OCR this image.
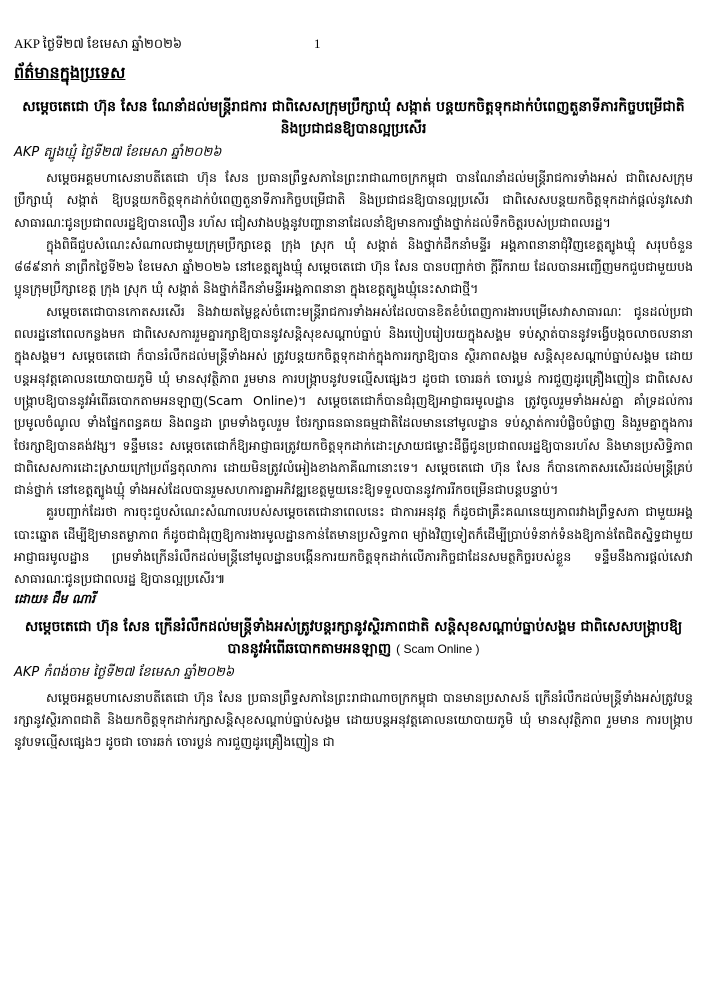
AKP ថ្ងៃទី២៧ ខែមេសា ឆ្នាំ២០២៦	1
ព័ត៌មានក្នុងប្រទេស
សម្តេចតេជោ ហ៊ុន សែន ណែនាំដល់មន្ត្រីរាជការ ជាពិសេសក្រុមប្រឹក្សាឃុំ សង្កាត់ បន្តយកចិត្តទុកដាក់បំពេញតួនាទីភារកិច្ចបម្រើជាតិ និងប្រជាជនឱ្យបានល្អប្រសើរ
AKP ត្បូងឃ្មុំ ថ្ងៃទី២៧ ខែមេសា ឆ្នាំ២០២៦

សម្តេចអគ្គមហាសេនាបតីតេជោ ហ៊ុន សែន ប្រធានព្រឹទ្ធសភានៃព្រះរាជាណាចក្រកម្ពុជា បានណែនាំដល់មន្ត្រីរាជការទាំងអស់ ជាពិសេសក្រុមប្រឹក្សាឃុំ សង្កាត់ ឱ្យបន្តយកចិត្តទុកដាក់បំពេញតួនាទីភារកិច្ចបម្រើជាតិ និងប្រជាជនឱ្យបានល្អប្រសើរ ជាពិសេសបន្តយកចិត្តទុកដាក់ផ្តល់នូវសេវាសាធារណៈជូនប្រជាពលរដ្ឋឱ្យបានលឿន រហ័ស ជៀសវាងបង្កនូវបញ្ហានានាដែលនាំឱ្យមានការថ្នាំងថ្នាក់ដល់ទឹកចិត្តរបស់ប្រជាពលរដ្ឋ។

ក្នុងពិធីជួបសំណេះសំណាលជាមួយក្រុមប្រឹក្សាខេត្ត ក្រុង ស្រុក ឃុំ សង្កាត់ និងថ្នាក់ដឹកនាំមន្ទីរ អង្គភាពនានាជុំវិញខេត្តត្បូងឃ្មុំ សរុបចំនួន ៨៨៩នាក់ នាព្រឹកថ្ងៃទី២៦ ខែមេសា ឆ្នាំ២០២៦ នៅខេត្តត្បូងឃ្មុំ សម្តេចតេជោ ហ៊ុន សែន បានបញ្ជាក់ថា ក្តីរីករាយ ដែលបានអញ្ជើញមកជួបជាមួយបងប្អូនក្រុមប្រឹក្សាខេត្ត ក្រុង ស្រុក ឃុំ សង្កាត់ និងថ្នាក់ដឹកនាំមន្ទីរអង្គភាពនានា ក្នុងខេត្តត្បូងឃ្មុំនេះសាជាថ្មី។

សម្តេចតេជោបានកោតសរសើរ និងវាយតម្លៃខ្ពស់ចំពោះមន្ត្រីរាជការទាំងអស់ដែលបានខិតខំបំពេញការងារបម្រើសេវាសាធារណៈ ជូនដល់ប្រជាពលរដ្ឋនៅពេលកន្លងមក ជាពិសេសការរួមគ្នារក្សាឱ្យបាននូវសន្តិសុខសណ្តាប់ធ្នាប់ និងរបៀបរៀបរយក្នុងសង្គម ទប់ស្កាត់បាននូវទង្វើបង្កចលាចលនានាក្នុងសង្គម។ សម្តេចតេជោ ក៏បានរំលឹកដល់មន្ត្រីទាំងអស់ ត្រូវបន្តយកចិត្តទុកដាក់ក្នុងការរក្សាឱ្យបាន ស្ថិរភាពសង្គម សន្តិសុខសណ្តាប់ធ្នាប់សង្គម ដោយបន្តអនុវត្តគោលនយោបាយភូមិ ឃុំ មានសុវត្ថិភាព រួមមាន ការបង្ក្រាបនូវបទល្មើសផ្សេងៗ ដូចជា ចោរឆក់ ចោរប្លន់ ការជួញដូរគ្រឿងញៀន ជាពិសេសបង្ក្រាបឱ្យបាននូវអំពើឆបោកតាមអនឡាញ(Scam Online)។ សម្តេចតេជោក៏បានជំរុញឱ្យអាជ្ញាធរមូលដ្ឋាន ត្រូវចូលរួមទាំងអស់គ្នា គាំទ្រដល់ការប្រមូលចំណូល ទាំងផ្នែកពន្ធគយ និងពន្ធដា ព្រមទាំងចូលរួម ថែរក្សាធនធានធម្មជាតិដែលមាននៅមូលដ្ឋាន ទប់ស្កាត់ការបំផ្លិចបំផ្លាញ និងរួមគ្នាក្នុងការថែរក្សាឱ្យបានគង់វង្ស។ ទន្ទឹមនេះ សម្តេចតេជោក៏ឱ្យអាជ្ញាធរត្រូវយកចិត្តទុកដាក់ដោះស្រាយជម្លោះដីធ្លីជូនប្រជាពលរដ្ឋឱ្យបានរហ័ស និងមានប្រសិទ្ធិភាព ជាពិសេសការដោះស្រាយក្រៅប្រព័ន្ធតុលាការ ដោយមិនត្រូវលំអៀងខាងភាគីណានោះទេ។ សម្តេចតេជោ ហ៊ុន សែន ក៏បានកោតសរសើរដល់មន្ត្រីគ្រប់ជាន់ថ្នាក់ នៅខេត្តត្បូងឃ្មុំ ទាំងអស់ដែលបានរួមសហការគ្នាអភិវឌ្ឍខេត្តមួយនេះឱ្យទទួលបាននូវការរីកចម្រើនជាបន្តបន្ទាប់។

គួរបញ្ជាក់ដែរថា ការចុះជួបសំណេះសំណាលរបស់សម្តេចតេជោនាពេលនេះ ជាការអនុវត្ត ក៏ដូចជាគ្រឹះគណនេយ្យភាពរវាងព្រឹទ្ធសភា ជាមួយអង្គបោះឆ្នោត ដើម្បីឱ្យមានតម្លាភាព ក៏ដូចជាជំរុញឱ្យការងារមូលដ្ឋានកាន់តែមានប្រសិទ្ធភាព ម្យ៉ាងវិញទៀតក៏ដើម្បីប្រាប់ទំនាក់ទំនងឱ្យកាន់តែជិតស្និទ្ធជាមួយអាជ្ញាធរមូលដ្ឋាន ព្រមទាំងក្រើនរំលឹកដល់មន្ត្រីនៅមូលដ្ឋានបង្កើនការយកចិត្តទុកដាក់លើភារកិច្ចជាដែនសមត្ថកិច្ចរបស់ខ្លួន ទន្ទឹមនឹងការផ្តល់សេវាសាធារណៈជូនប្រជាពលរដ្ឋ ឱ្យបានល្អប្រសើរ៕

ដោយ៖ ជឹម ណារី
សម្តេចតេជោ ហ៊ុន សែន ក្រើនរំលឹកដល់មន្ត្រីទាំងអស់ត្រូវបន្តរក្សានូវស្ថិរភាពជាតិ សន្តិសុខសណ្តាប់ធ្នាប់សង្គម ជាពិសេសបង្ក្រាបឱ្យបាននូវអំពើឆបោកតាមអនឡាញ ( Scam Online )
AKP កំពង់ចាម ថ្ងៃទី២៧ ខែមេសា ឆ្នាំ២០២៦

សម្តេចអគ្គមហាសេនាបតីតេជោ ហ៊ុន សែន ប្រធានព្រឹទ្ធសភានៃព្រះរាជាណាចក្រកម្ពុជា បានមានប្រសាសន៍ ក្រើនរំលឹកដល់មន្ត្រីទាំងអស់ត្រូវបន្តរក្សានូវស្ថិរភាពជាតិ និងយកចិត្តទុកដាក់រក្សាសន្តិសុខសណ្តាប់ធ្នាប់សង្គម ដោយបន្តអនុវត្តគោលនយោបាយភូមិ ឃុំ មានសុវត្ថិភាព រួមមាន ការបង្ក្រាបនូវបទល្មើសផ្សេងៗ ដូចជា ចោរឆក់ ចោរប្លន់ ការជួញដូរគ្រឿងញៀន ជា
